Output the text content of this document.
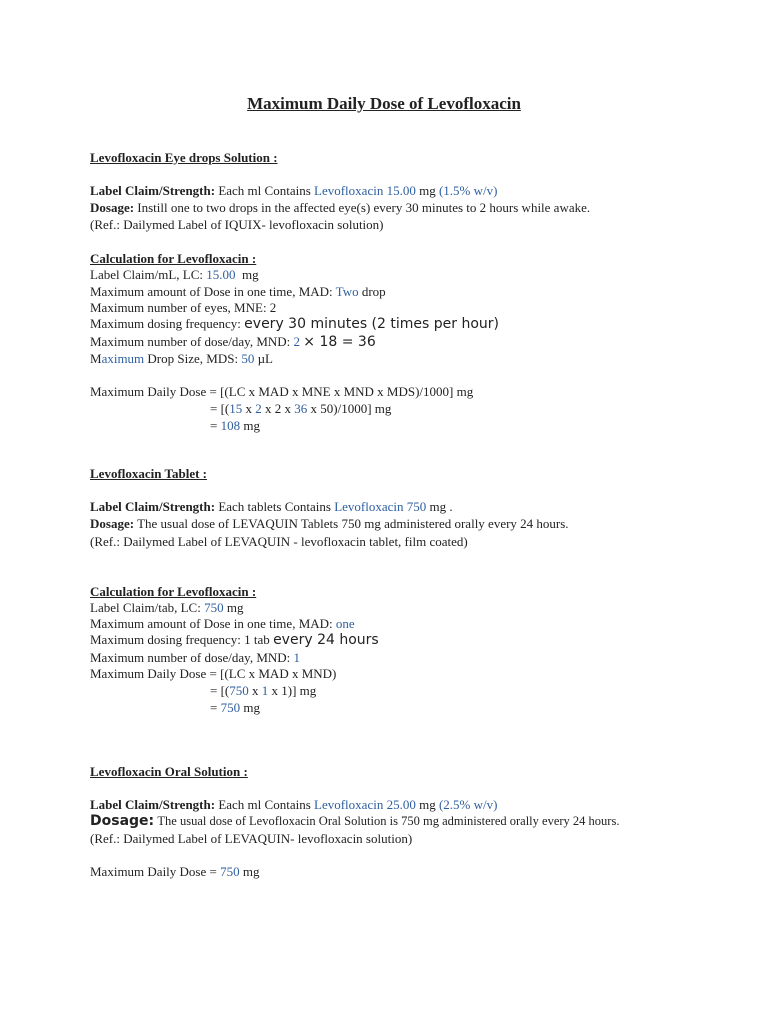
Maximum Daily Dose of Levofloxacin
Levofloxacin Eye drops Solution :
Label Claim/Strength: Each ml Contains Levofloxacin 15.00 mg (1.5% w/v)
Dosage: Instill one to two drops in the affected eye(s) every 30 minutes to 2 hours while awake.
(Ref.: Dailymed Label of IQUIX- levofloxacin solution)
Calculation for Levofloxacin :
Label Claim/mL, LC: 15.00 mg
Maximum amount of Dose in one time, MAD: Two drop
Maximum number of eyes, MNE: 2
Maximum dosing frequency: every 30 minutes (2 times per hour)
Maximum number of dose/day, MND: 2 × 18 = 36
Maximum Drop Size, MDS: 50 µL
Maximum Daily Dose = [(LC x MAD x MNE x MND x MDS)/1000] mg
= [(15 x 2 x 2 x 36 x 50)/1000] mg
= 108 mg
Levofloxacin Tablet :
Label Claim/Strength: Each tablets Contains Levofloxacin 750 mg .
Dosage: The usual dose of LEVAQUIN Tablets 750 mg administered orally every 24 hours.
(Ref.: Dailymed Label of LEVAQUIN - levofloxacin tablet, film coated)
Calculation for Levofloxacin :
Label Claim/tab, LC: 750 mg
Maximum amount of Dose in one time, MAD: one
Maximum dosing frequency: 1 tab every 24 hours
Maximum number of dose/day, MND: 1
Maximum Daily Dose = [(LC x MAD x MND)
= [(750 x 1 x 1)] mg
= 750 mg
Levofloxacin Oral Solution :
Label Claim/Strength: Each ml Contains Levofloxacin 25.00 mg (2.5% w/v)
Dosage: The usual dose of Levofloxacin Oral Solution is 750 mg administered orally every 24 hours.
(Ref.: Dailymed Label of LEVAQUIN- levofloxacin solution)
Maximum Daily Dose = 750 mg
